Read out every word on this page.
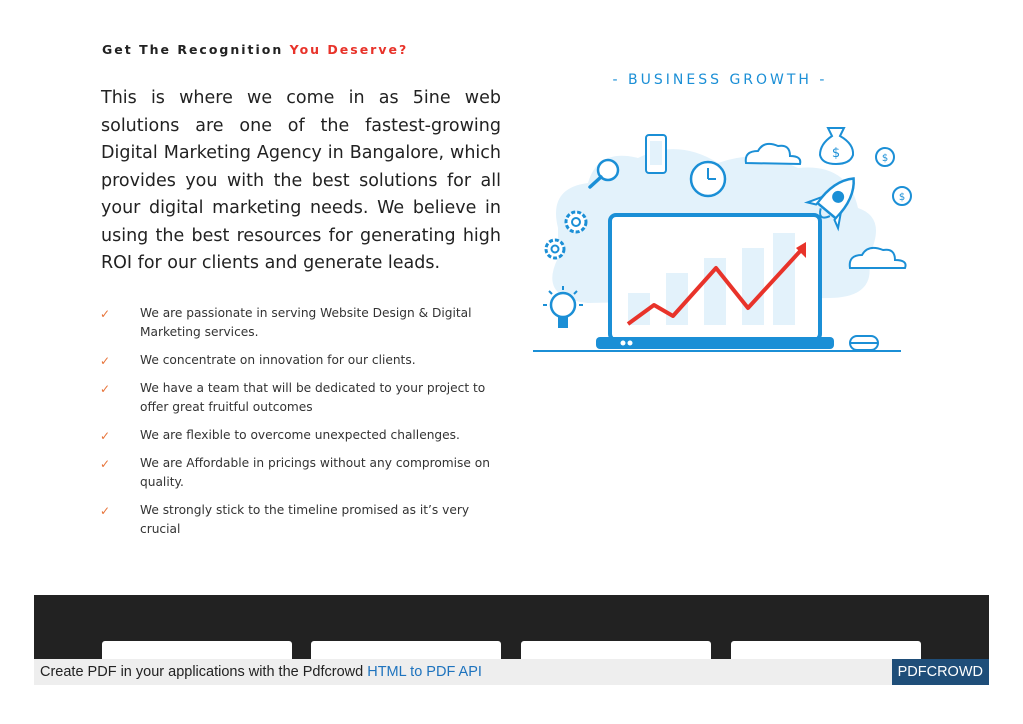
Get The Recognition You Deserve?

This is where we come in as 5ine web solutions are one of the fastest-growing Digital Marketing Agency in Bangalore, which provides you with the best solutions for all your digital marketing needs. We believe in using the best resources for generating high ROI for our clients and generate leads.

✓	We are passionate in serving Website Design & Digital Marketing services.
✓	We concentrate on innovation for our clients.
✓	We have a team that will be dedicated to your project to offer great fruitful outcomes
✓	We are flexible to overcome unexpected challenges.
✓	We are Affordable in pricings without any compromise on quality.
✓	We strongly stick to the timeline promised as it’s very crucial
- BUSINESS GROWTH -
$	$
$
Create PDF in your applications with the Pdfcrowd HTML to PDF API	PDFCROWD
